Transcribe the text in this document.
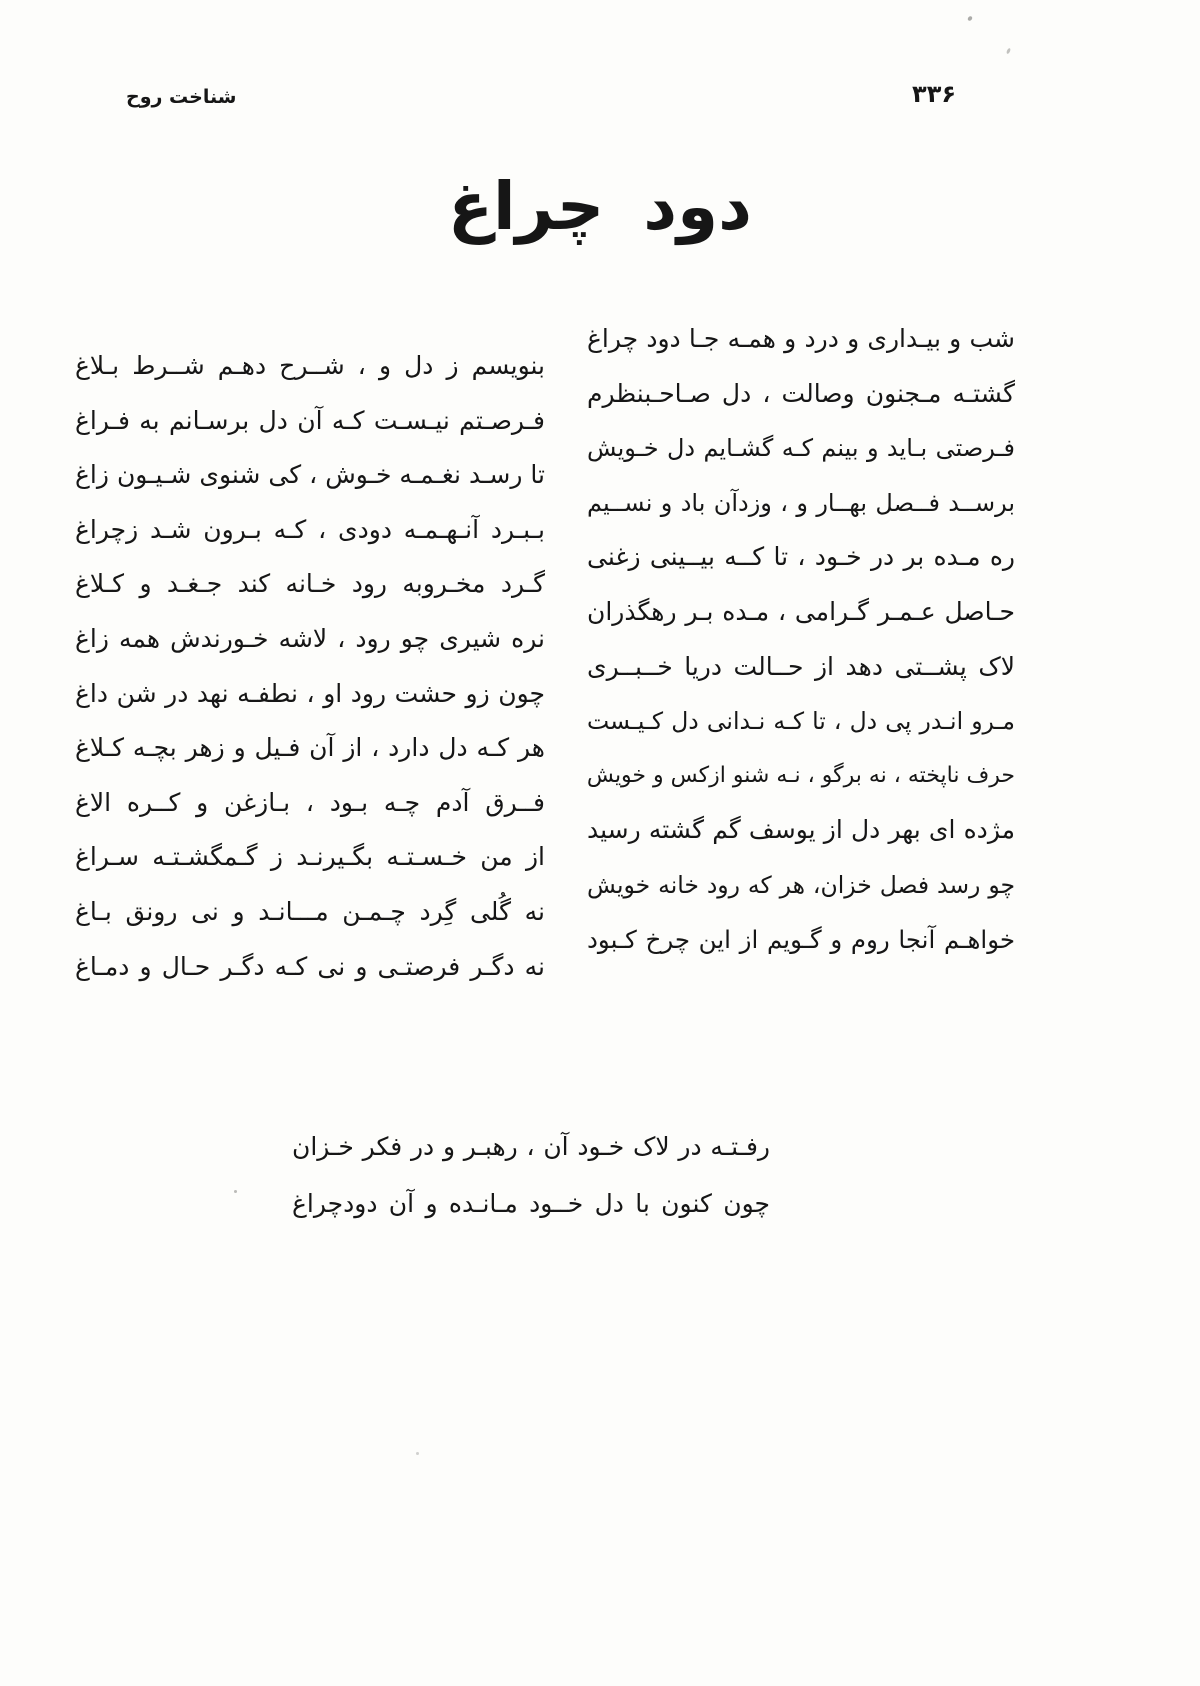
شناخت روح	۳۳۶
دود چراغ
شب و بیـداری و درد و همـه جـا دود چراغ
گشتـه مـجنون وصالت ، دل صـاحـبنظرم
فـرصتی بـاید و بینم کـه گشـایم دل خـویش
برســد فــصل بهــار و ، وزدآن باد و نســیم
ره مـده بر در خـود ، تا کــه بیــینی زغنی
حـاصل عـمـر گـرامی ، مـده بـر رهگذران
لاک پشــتی دهد از حــالت دریا خــبــری
مـرو انـدر پی دل ، تا کـه نـدانی دل کـیـست
حرف ناپخته ، نه برگو ، نـه شنو ازکس و خویش
مژده ای بهر دل از یوسف گم گشته رسید
چو رسد فصل خزان، هر که رود خانه خویش
خواهـم آنجا روم و گـویم از این چرخ کـبود
بنویسم ز دل و ، شــرح دهـم شــرط بـلاغ
فـرصـتم نیـسـت کـه آن دل برسـانم به فـراغ
تا رسـد نغـمـه خـوش ، کی شنوی شـیـون زاغ
بـبـرد آنـهـمـه دودی ، کـه بـرون شـد زچراغ
گـرد مخـروبه رود خـانه کند جـغـد و کـلاغ
نره شیری چو رود ، لاشه خـورندش همه زاغ
چون زو حشت رود او ، نطفـه نهد در شن داغ
هر کـه دل دارد ، از آن فـیل و زهر بچـه کـلاغ
فــرق آدم چـه بـود ، بـازغن و کــره الاغ
از من خـسـتـه بگـیرنـد ز گـمگشـتـه سـراغ
نه گُلی گِرد چـمـن مـــانـد و نی رونق بـاغ
نه دگـر فرصتـی و نی کـه دگـر حـال و دمـاغ
رفـتـه در لاک خـود آن ، رهبـر و در فکر خـزان
چون کنون با دل خــود مـانـده و آن دودچراغ
